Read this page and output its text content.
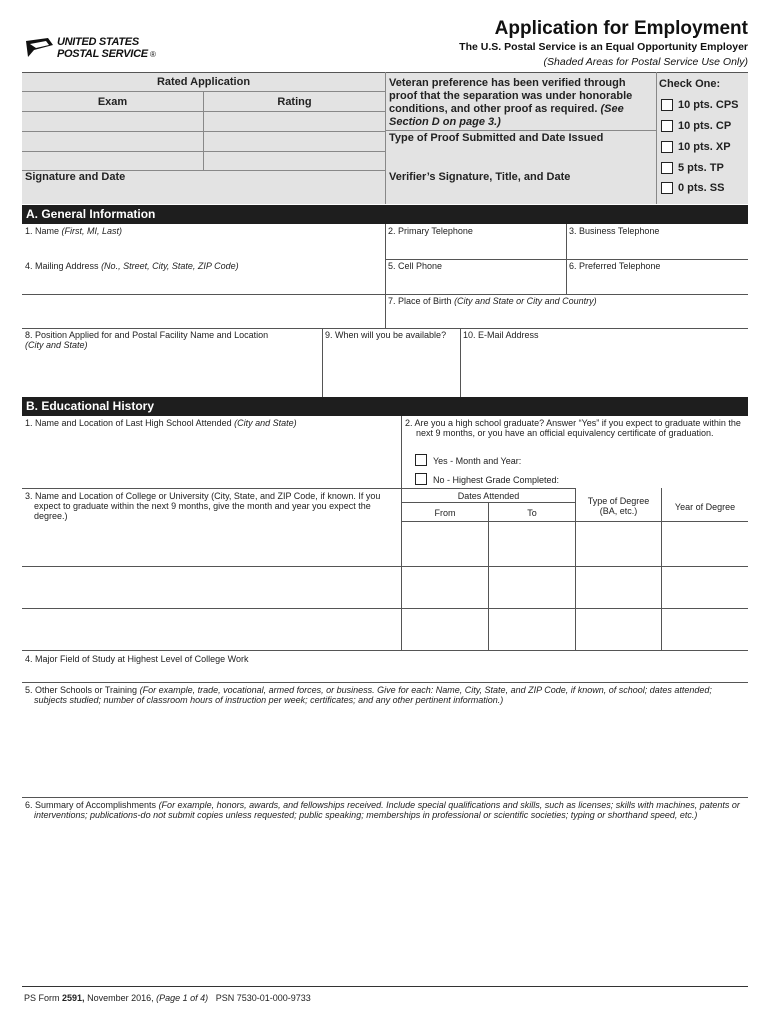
UNITED STATES
POSTAL SERVICE ®
Application for Employment
The U.S. Postal Service is an Equal Opportunity Employer
(Shaded Areas for Postal Service Use Only)
Rated Application
Exam	Rating
Signature and Date
Veteran preference has been verified through proof that the separation was under honorable conditions, and other proof as required. (See Section D on page 3.)
Type of Proof Submitted and Date Issued
Verifier’s Signature, Title, and Date
Check One:
10 pts. CPS
10 pts. CP
10 pts. XP
5 pts. TP
0 pts. SS
A. General Information
1. Name (First, MI, Last)	2. Primary Telephone	3. Business Telephone
4. Mailing Address (No., Street, City, State, ZIP Code)	5. Cell Phone	6. Preferred Telephone
7. Place of Birth (City and State or City and Country)
8. Position Applied for and Postal Facility Name and Location
(City and State)
9. When will you be available? 10. E-Mail Address
B. Educational History
1. Name and Location of Last High School Attended (City and State)	2. Are you a high school graduate? Answer “Yes” if you expect to graduate within the next 9 months, or you have an official equivalency certificate of graduation.
Yes - Month and Year:
No - Highest Grade Completed:
3. Name and Location of College or University (City, State, and ZIP Code, if known. If you expect to graduate within the next 9 months, give the month and year you expect the degree.)
Dates Attended
From	To
Type of Degree
(BA, etc.)	Year of Degree
4. Major Field of Study at Highest Level of College Work
5. Other Schools or Training (For example, trade, vocational, armed forces, or business. Give for each: Name, City, State, and ZIP Code, if known, of school; dates attended; subjects studied; number of classroom hours of instruction per week; certificates; and any other pertinent information.)
6. Summary of Accomplishments (For example, honors, awards, and fellowships received. Include special qualifications and skills, such as licenses; skills with machines, patents or interventions; publications-do not submit copies unless requested; public speaking; memberships in professional or scientific societies; typing or shorthand speed, etc.)
PS Form 2591, November 2016, (Page 1 of 4) PSN 7530-01-000-9733
